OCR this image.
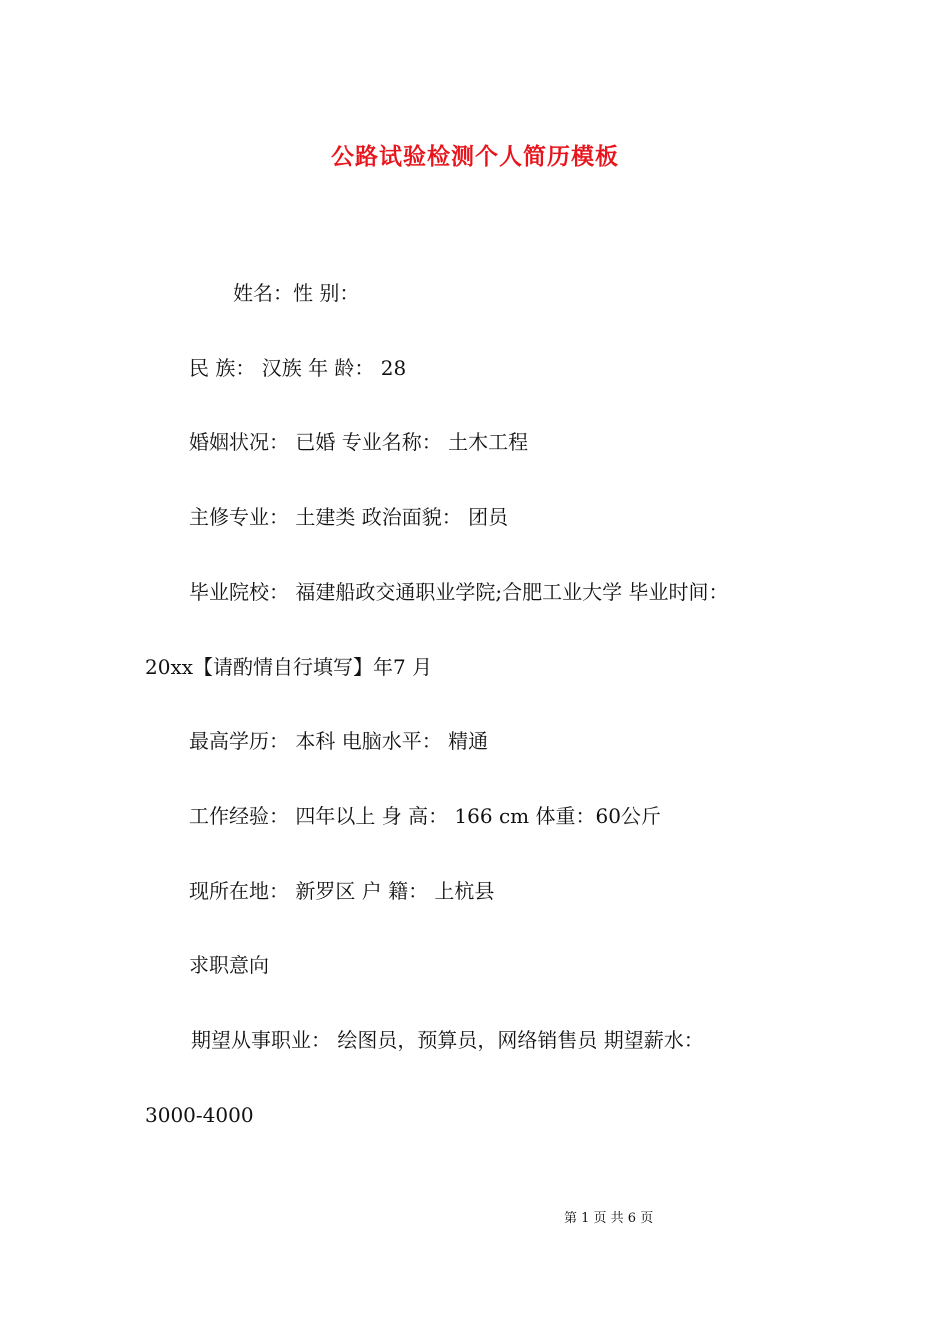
公路试验检测个人简历模板
姓名：性 别：
民 族： 汉族 年 龄： 28
婚姻状况： 已婚 专业名称： 土木工程
主修专业： 土建类 政治面貌： 团员
毕业院校： 福建船政交通职业学院;合肥工业大学 毕业时间：
20xx【请酌情自行填写】年7 月
最高学历： 本科 电脑水平： 精通
工作经验： 四年以上 身 高： 166 cm 体重：60公斤
现所在地： 新罗区 户 籍： 上杭县
求职意向
期望从事职业： 绘图员，预算员，网络销售员 期望薪水：
3000-4000
第 1 页 共 6 页
